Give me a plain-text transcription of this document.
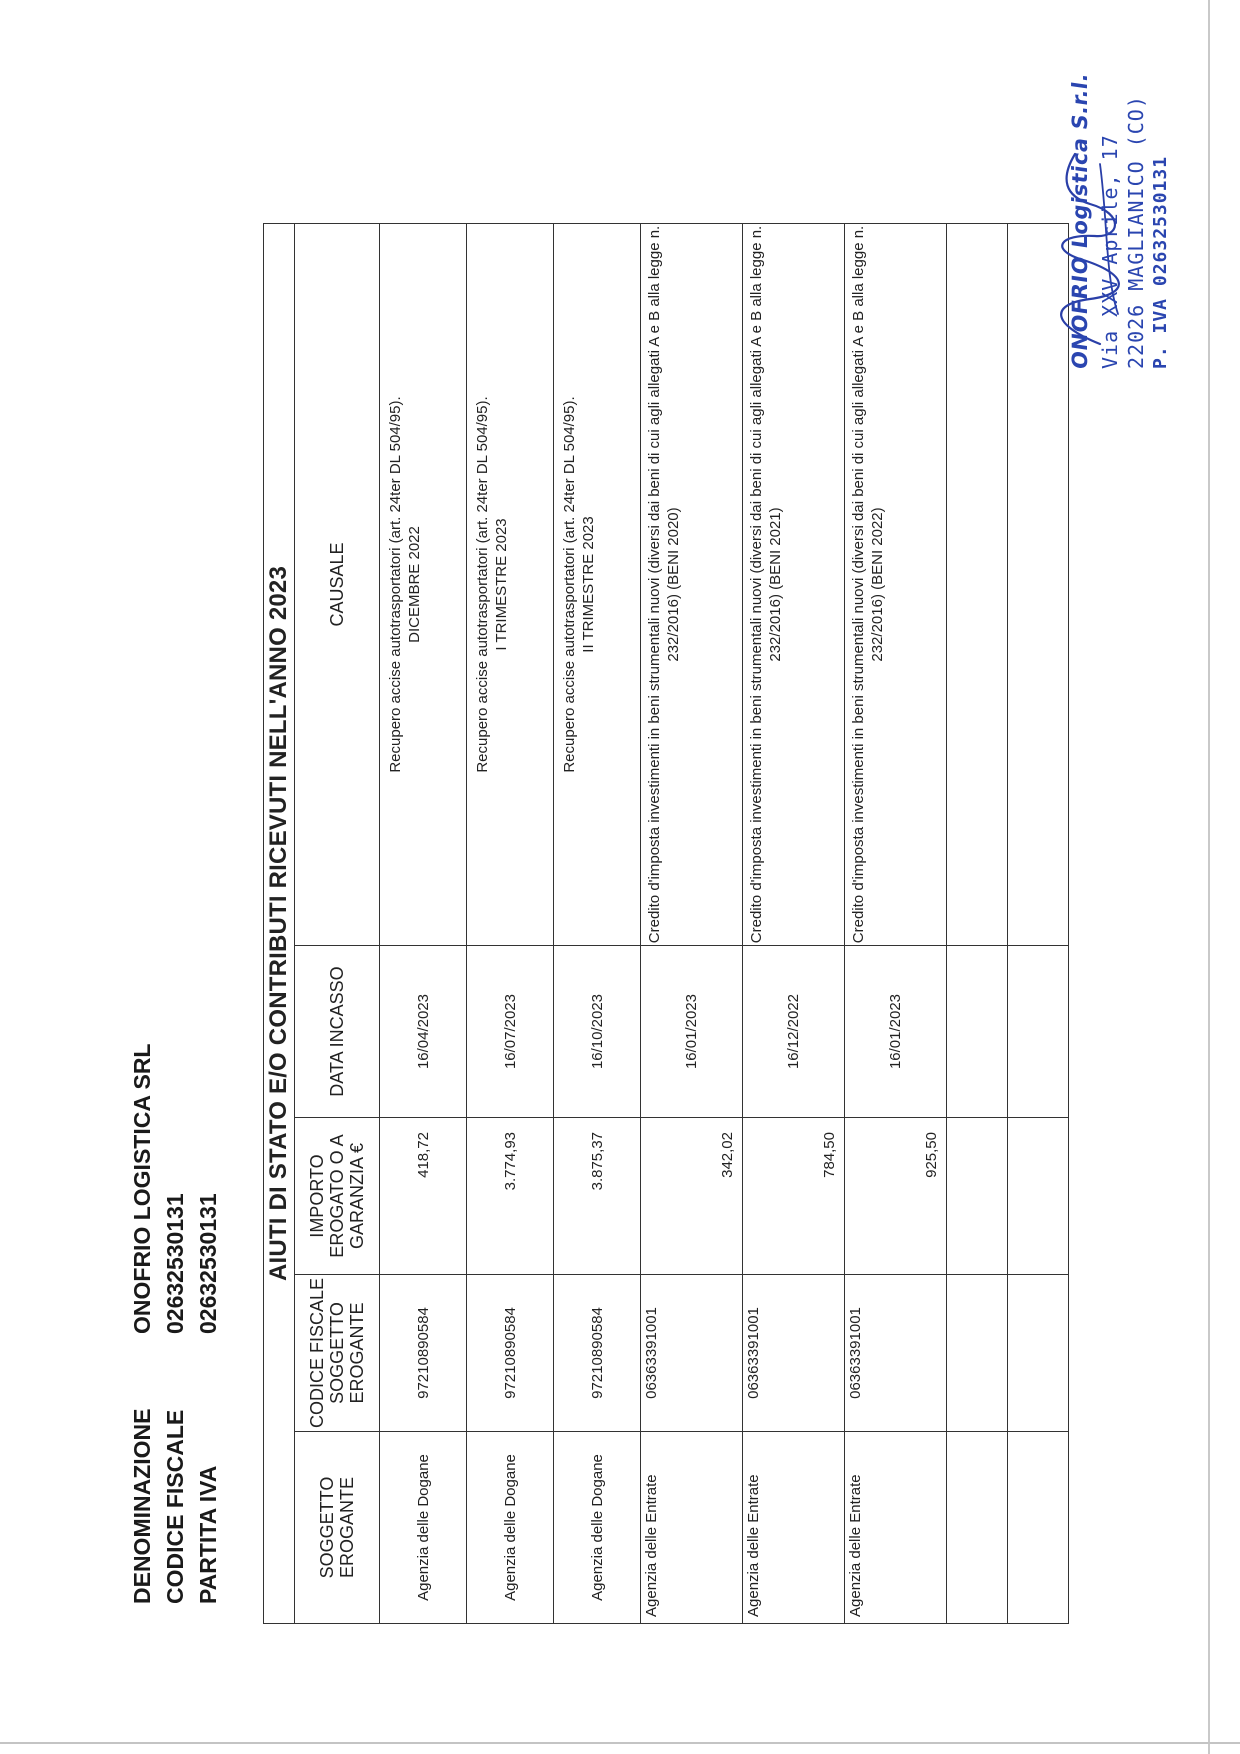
DENOMINAZIONE
ONOFRIO LOGISTICA SRL
CODICE FISCALE
02632530131
PARTITA IVA
02632530131 AIUTI DI STATO E/O CONTRIBUTI RICEVUTI NELL'ANNO 2023				
SOGGETTO EROGANTE	CODICE FISCALE SOGGETTO EROGANTE	IMPORTO EROGATO O A GARANZIA €	DATA INCASSO	CAUSALE
Agenzia delle Dogane	97210890584	418,72	16/04/2023	Recupero accise autotrasportatori (art. 24ter DL 504/95). DICEMBRE 2022

Agenzia delle Dogane	97210890584	3.774,93	16/07/2023	Recupero accise autotrasportatori (art. 24ter DL 504/95). I TRIMESTRE 2023

Agenzia delle Dogane	97210890584	3.875,37	16/10/2023	Recupero accise autotrasportatori (art. 24ter DL 504/95). II TRIMESTRE 2023

Agenzia delle Entrate	06363391001	342,02	16/01/2023	Credito d'imposta investimenti in beni strumentali nuovi (diversi dai beni di cui agli allegati A e B alla legge n. 232/2016) (BENI 2020)

Agenzia delle Entrate	06363391001	784,50	16/12/2022	Credito d'imposta investimenti in beni strumentali nuovi (diversi dai beni di cui agli allegati A e B alla legge n. 232/2016) (BENI 2021)

Agenzia delle Entrate	06363391001	925,50	16/01/2023	Credito d'imposta investimenti in beni strumentali nuovi (diversi dai beni di cui agli allegati A e B alla legge n. 232/2016) (BENI 2022)

ONOFRIO Logistica S.r.l. Via XXV Aprile, 17 22026 MAGLIANICO (CO) P. IVA 02632530131
